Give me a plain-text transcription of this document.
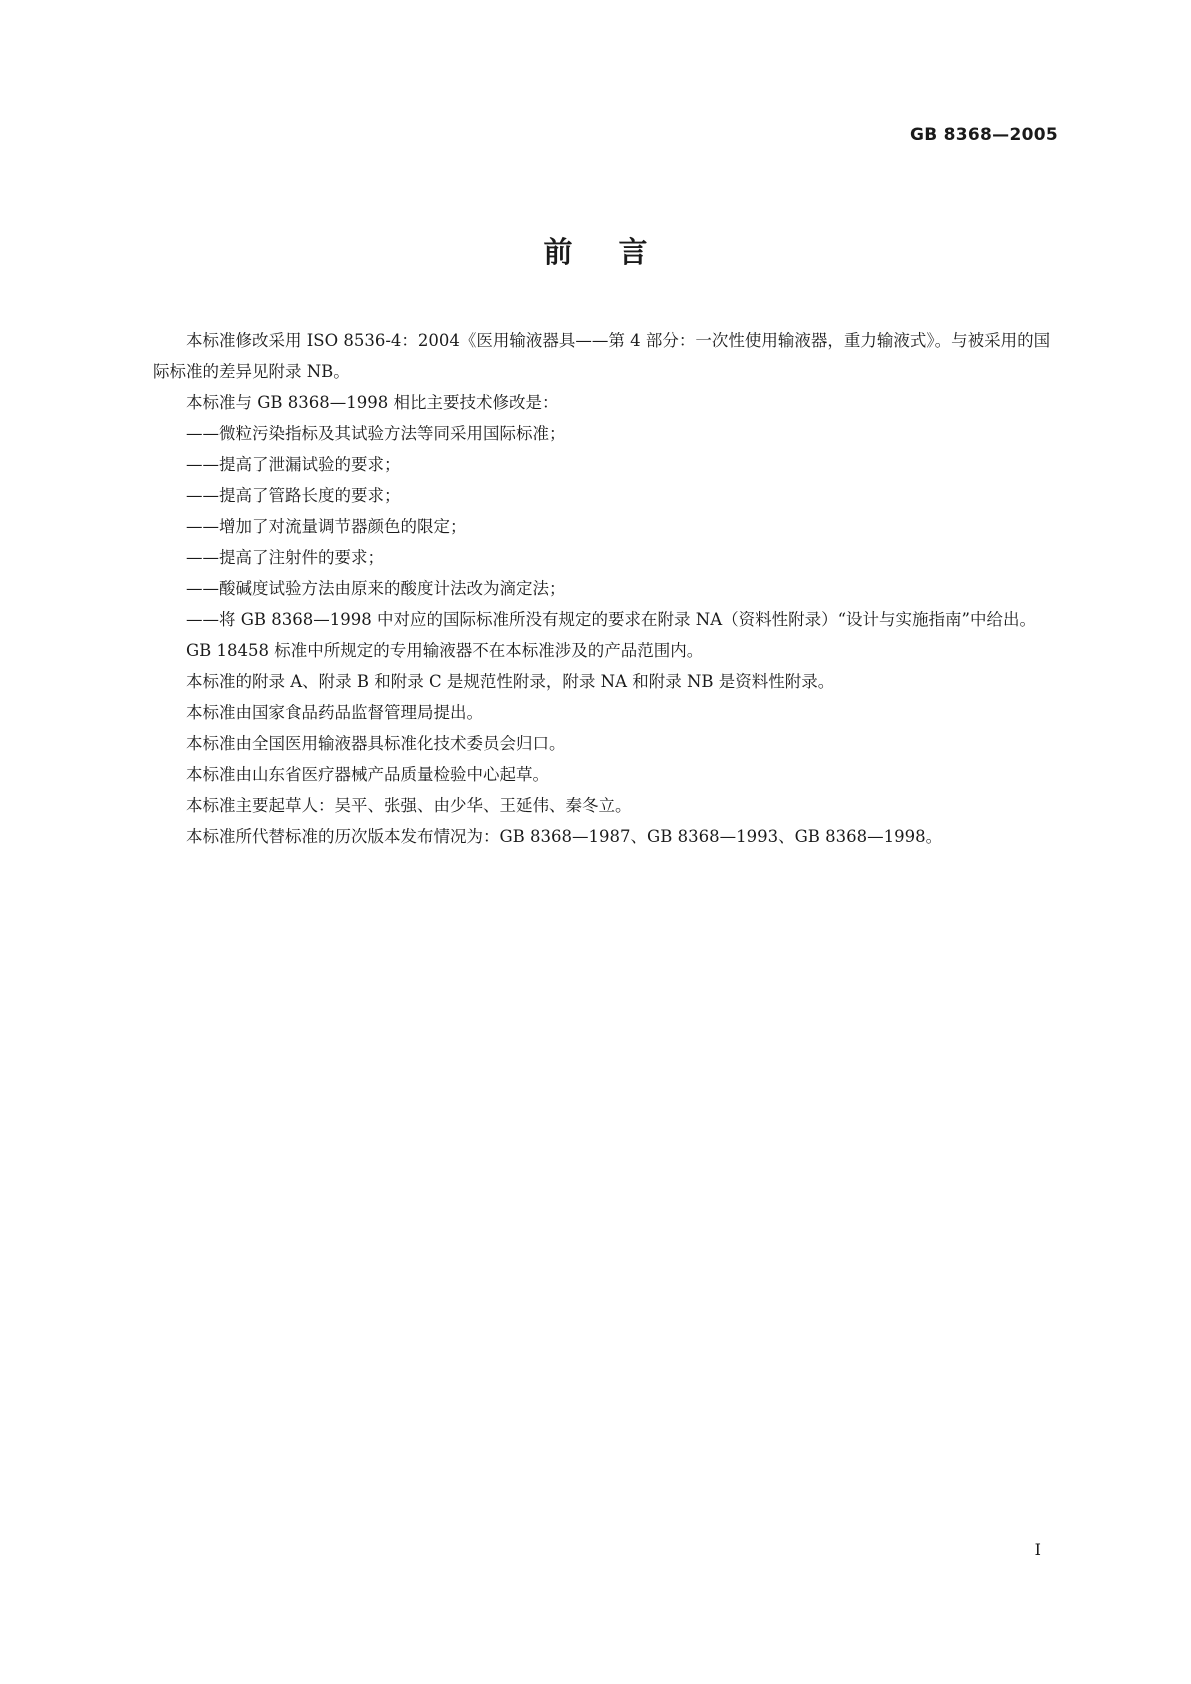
GB 8368—2005
前言

本标准修改采用 ISO 8536-4：2004《医用输液器具——第 4 部分：一次性使用输液器，重力输液式》。与被采用的国际标准的差异见附录 NB。

本标准与 GB 8368—1998 相比主要技术修改是：

——微粒污染指标及其试验方法等同采用国际标准；

——提高了泄漏试验的要求；

——提高了管路长度的要求；

——增加了对流量调节器颜色的限定；

——提高了注射件的要求；

——酸碱度试验方法由原来的酸度计法改为滴定法；

——将 GB 8368—1998 中对应的国际标准所没有规定的要求在附录 NA（资料性附录）“设计与实施指南”中给出。

GB 18458 标准中所规定的专用输液器不在本标准涉及的产品范围内。

本标准的附录 A、附录 B 和附录 C 是规范性附录，附录 NA 和附录 NB 是资料性附录。

本标准由国家食品药品监督管理局提出。

本标准由全国医用输液器具标准化技术委员会归口。

本标准由山东省医疗器械产品质量检验中心起草。

本标准主要起草人：吴平、张强、由少华、王延伟、秦冬立。

本标准所代替标准的历次版本发布情况为：GB 8368—1987、GB 8368—1993、GB 8368—1998。

I
